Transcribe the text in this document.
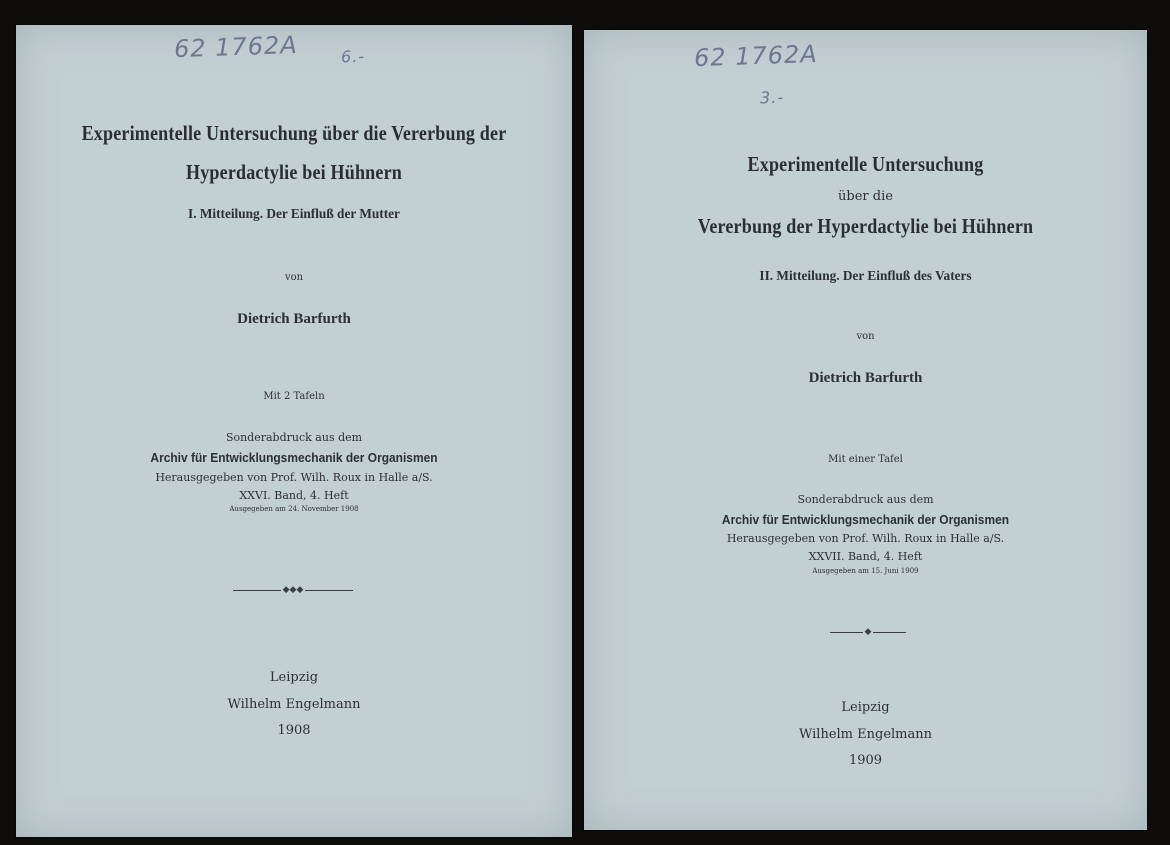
62 1762A	6.-
Experimentelle Untersuchung über die Vererbung der
Hyperdactylie bei Hühnern
I. Mitteilung. Der Einfluß der Mutter
von
Dietrich Barfurth
Mit 2 Tafeln
Sonderabdruck aus dem
Archiv für Entwicklungsmechanik der Organismen
Herausgegeben von Prof. Wilh. Roux in Halle a/S.
XXVI. Band, 4. Heft
Ausgegeben am 24. November 1908
◆◆◆
Leipzig
Wilhelm Engelmann
1908
62 1762A
3.-
Experimentelle Untersuchung
über die
Vererbung der Hyperdactylie bei Hühnern
II. Mitteilung. Der Einfluß des Vaters
von
Dietrich Barfurth
Mit einer Tafel
Sonderabdruck aus dem
Archiv für Entwicklungsmechanik der Organismen
Herausgegeben von Prof. Wilh. Roux in Halle a/S.
XXVII. Band, 4. Heft
Ausgegeben am 15. Juni 1909
◆
Leipzig
Wilhelm Engelmann
1909
